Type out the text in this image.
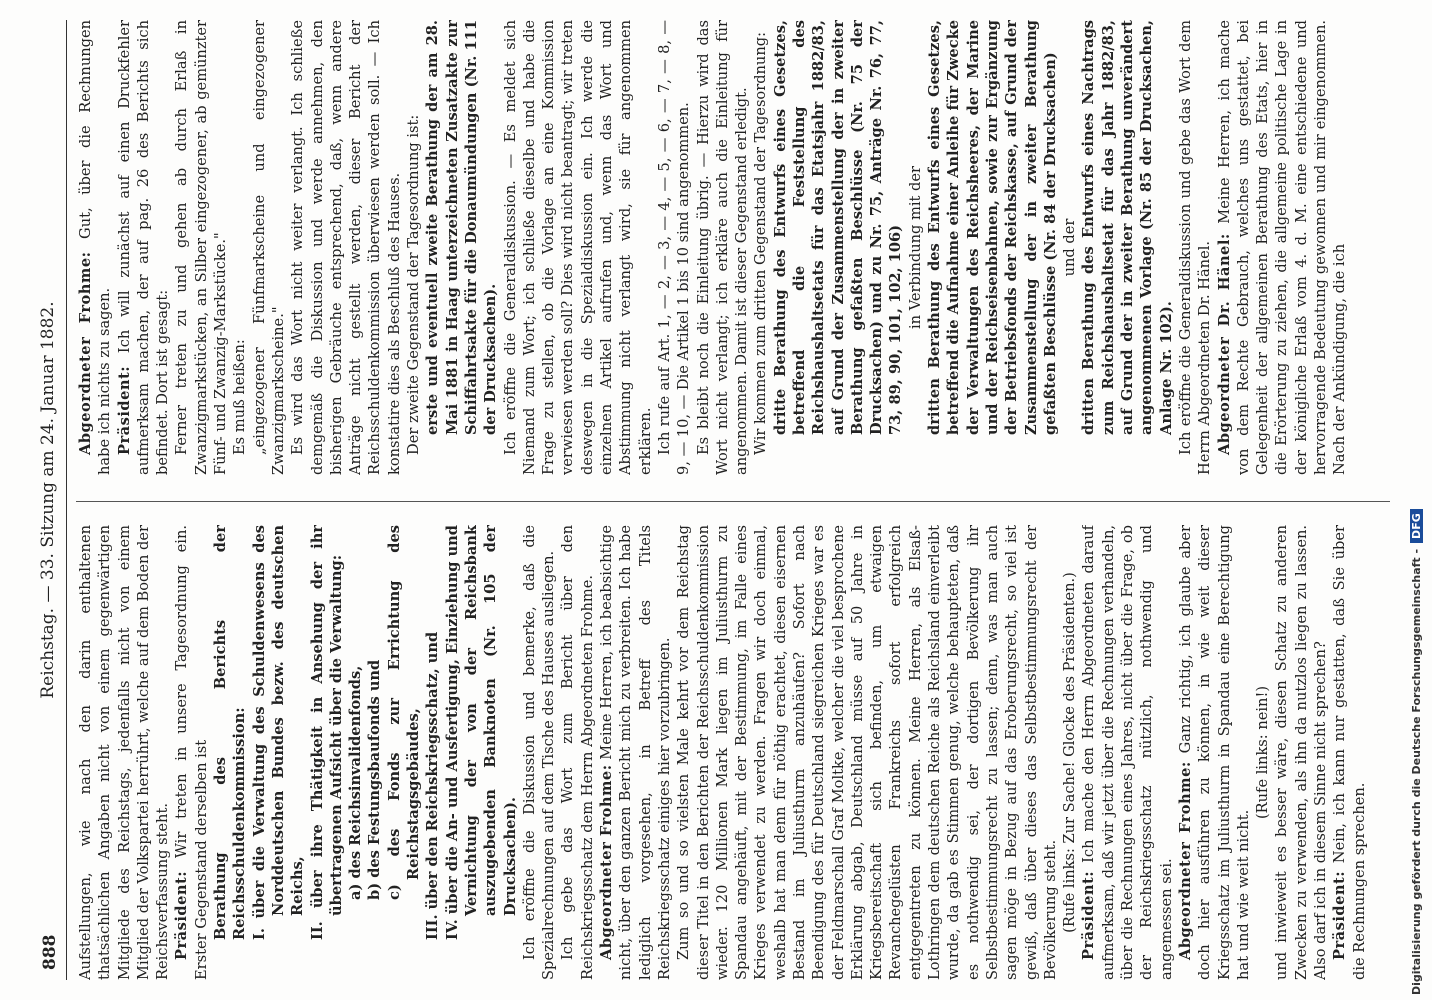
888
Reichstag. — 33. Sitzung am 24. Januar 1882.

Aufstellungen, wie nach den darin enthaltenen thatsächlichen Angaben nicht von einem gegenwärtigen Mitgliede des Reichstags, jedenfalls nicht von einem Mitglied der Volkspartei herrührt, welche auf dem Boden der Reichsverfassung steht. Präsident: Wir treten in unsere Tagesordnung ein. Erster Gegenstand derselben ist Berathung des Berichts der Reichsschuldenkommission: I. über die Verwaltung des Schuldenwesens des Norddeutschen Bundes bezw. des deutschen Reichs, II. über ihre Thätigkeit in Ansehung der ihr übertragenen Aufsicht über die Verwaltung: a) des Reichsinvalidenfonds, b) des Festungsbaufonds und c) des Fonds zur Errichtung des Reichstagsgebäudes, III. über den Reichskriegsschatz, und IV. über die An- und Ausfertigung, Einziehung und Vernichtung der von der Reichsbank auszugebenden Banknoten (Nr. 105 der Drucksachen). Ich eröffne die Diskussion und bemerke, daß die Spezialrechnungen auf dem Tische des Hauses ausliegen. Ich gebe das Wort zum Bericht über den Reichskriegsschatz dem Herrn Abgeordneten Frohme. Abgeordneter Frohme: Meine Herren, ich beabsichtige nicht, über den ganzen Bericht mich zu verbreiten. Ich habe lediglich vorgesehen, in Betreff des Titels Reichskriegsschatz einiges hier vorzubringen. Zum so und so vielsten Male kehrt vor dem Reichstag dieser Titel in den Berichten der Reichsschuldenkommission wieder. 120 Millionen Mark liegen im Juliusthurm zu Spandau angehäuft, mit der Bestimmung, im Falle eines Krieges verwendet zu werden. Fragen wir doch einmal, weshalb hat man denn für nöthig erachtet, diesen eisernen Bestand im Juliusthurm anzuhäufen? Sofort nach Beendigung des für Deutschland siegreichen Krieges war es der Feldmarschall Graf Moltke, welcher die viel besprochene Erklärung abgab, Deutschland müsse auf 50 Jahre in Kriegsbereitschaft sich befinden, um etwaigen Revanchegelüsten Frankreichs sofort erfolgreich entgegentreten zu können. Meine Herren, als Elsaß-Lothringen dem deutschen Reiche als Reichsland einverleibt wurde, da gab es Stimmen genug, welche behaupteten, daß es nothwendig sei, der dortigen Bevölkerung ihr Selbstbestimmungsrecht zu lassen; denn, was man auch sagen möge in Bezug auf das Eroberungsrecht, so viel ist gewiß, daß über dieses das Selbstbestimmungsrecht der Bevölkerung steht. (Rufe links: Zur Sache! Glocke des Präsidenten.) Präsident: Ich mache den Herrn Abgeordneten darauf aufmerksam, daß wir jetzt über die Rechnungen verhandeln, über die Rechnungen eines Jahres, nicht über die Frage, ob der Reichskriegsschatz nützlich, nothwendig und angemessen sei. Abgeordneter Frohme: Ganz richtig, ich glaube aber doch hier ausführen zu können, in wie weit dieser Kriegsschatz im Juliusthurm in Spandau eine Berechtigung hat und wie weit nicht.

(Rufe links: nein!) und inwieweit es besser wäre, diesen Schatz zu anderen Zwecken zu verwenden, als ihn da nutzlos liegen zu lassen. Also darf ich in diesem Sinne nicht sprechen? Präsident: Nein, ich kann nur gestatten, daß Sie über die Rechnungen sprechen.

Abgeordneter Frohme: Gut, über die Rechnungen habe ich nichts zu sagen. Präsident: Ich will zunächst auf einen Druckfehler aufmerksam machen, der auf pag. 26 des Berichts sich befindet. Dort ist gesagt: Ferner treten zu und gehen ab durch Erlaß in Zwanzigmarkstücken, an Silber eingezogener, ab gemünzter Fünf- und Zwanzig-Markstücke." Es muß heißen: „eingezogener Fünfmarkscheine und eingezogener Zwanzigmarkscheine." Es wird das Wort nicht weiter verlangt. Ich schließe demgemäß die Diskussion und werde annehmen, den bisherigen Gebräuche entsprechend, daß, wenn andere Anträge nicht gestellt werden, dieser Bericht der Reichsschuldenkommission überwiesen werden soll. — Ich konstatire dies als Beschluß des Hauses. Der zweite Gegenstand der Tagesordnung ist: erste und eventuell zweite Berathung der am 28. Mai 1881 in Haag unterzeichneten Zusatzakte zur Schiffahrtsakte für die Donaumündungen (Nr. 111 der Drucksachen). Ich eröffne die Generaldiskussion. — Es meldet sich Niemand zum Wort; ich schließe dieselbe und habe die Frage zu stellen, ob die Vorlage an eine Kommission verwiesen werden soll? Dies wird nicht beantragt; wir treten deswegen in die Spezialdiskussion ein. Ich werde die einzelnen Artikel aufrufen und, wenn das Wort und Abstimmung nicht verlangt wird, sie für angenommen erklären. Ich rufe auf Art. 1, — 2, — 3, — 4, — 5, — 6, — 7, — 8, — 9, — 10, — Die Artikel 1 bis 10 sind angenommen. Es bleibt noch die Einleitung übrig. — Hierzu wird das Wort nicht verlangt; ich erkläre auch die Einleitung für angenommen. Damit ist dieser Gegenstand erledigt. Wir kommen zum dritten Gegenstand der Tagesordnung: dritte Berathung des Entwurfs eines Gesetzes, betreffend die Feststellung des Reichshaushaltsetats für das Etatsjahr 1882/83, auf Grund der Zusammenstellung der in zweiter Berathung gefaßten Beschlüsse (Nr. 75 der Drucksachen) und zu Nr. 75, Anträge Nr. 76, 77, 73, 89, 90, 101, 102, 106) in Verbindung mit der dritten Berathung des Entwurfs eines Gesetzes, betreffend die Aufnahme einer Anleihe für Zwecke der Verwaltungen des Reichsheeres, der Marine und der Reichseisenbahnen, sowie zur Ergänzung der Betriebsfonds der Reichskasse, auf Grund der Zusammenstellung der in zweiter Berathung gefaßten Beschlüsse (Nr. 84 der Drucksachen) und der dritten Berathung des Entwurfs eines Nachtrags zum Reichshaushaltsetat für das Jahr 1882/83, auf Grund der in zweiter Berathung unverändert angenommenen Vorlage (Nr. 85 der Drucksachen, Anlage Nr. 102). Ich eröffne die Generaldiskussion und gebe das Wort dem Herrn Abgeordneten Dr. Hänel. Abgeordneter Dr. Hänel: Meine Herren, ich mache von dem Rechte Gebrauch, welches uns gestattet, bei Gelegenheit der allgemeinen Berathung des Etats, hier in die Erörterung zu ziehen, die allgemeine politische Lage in der königliche Erlaß vom 4. d. M. eine entschiedene und hervorragende Bedeutung gewonnen und mir eingenommen. Nach der Ankündigung, die ich

Digitalisierung gefördert durch die Deutsche Forschungsgemeinschaft -DFG
